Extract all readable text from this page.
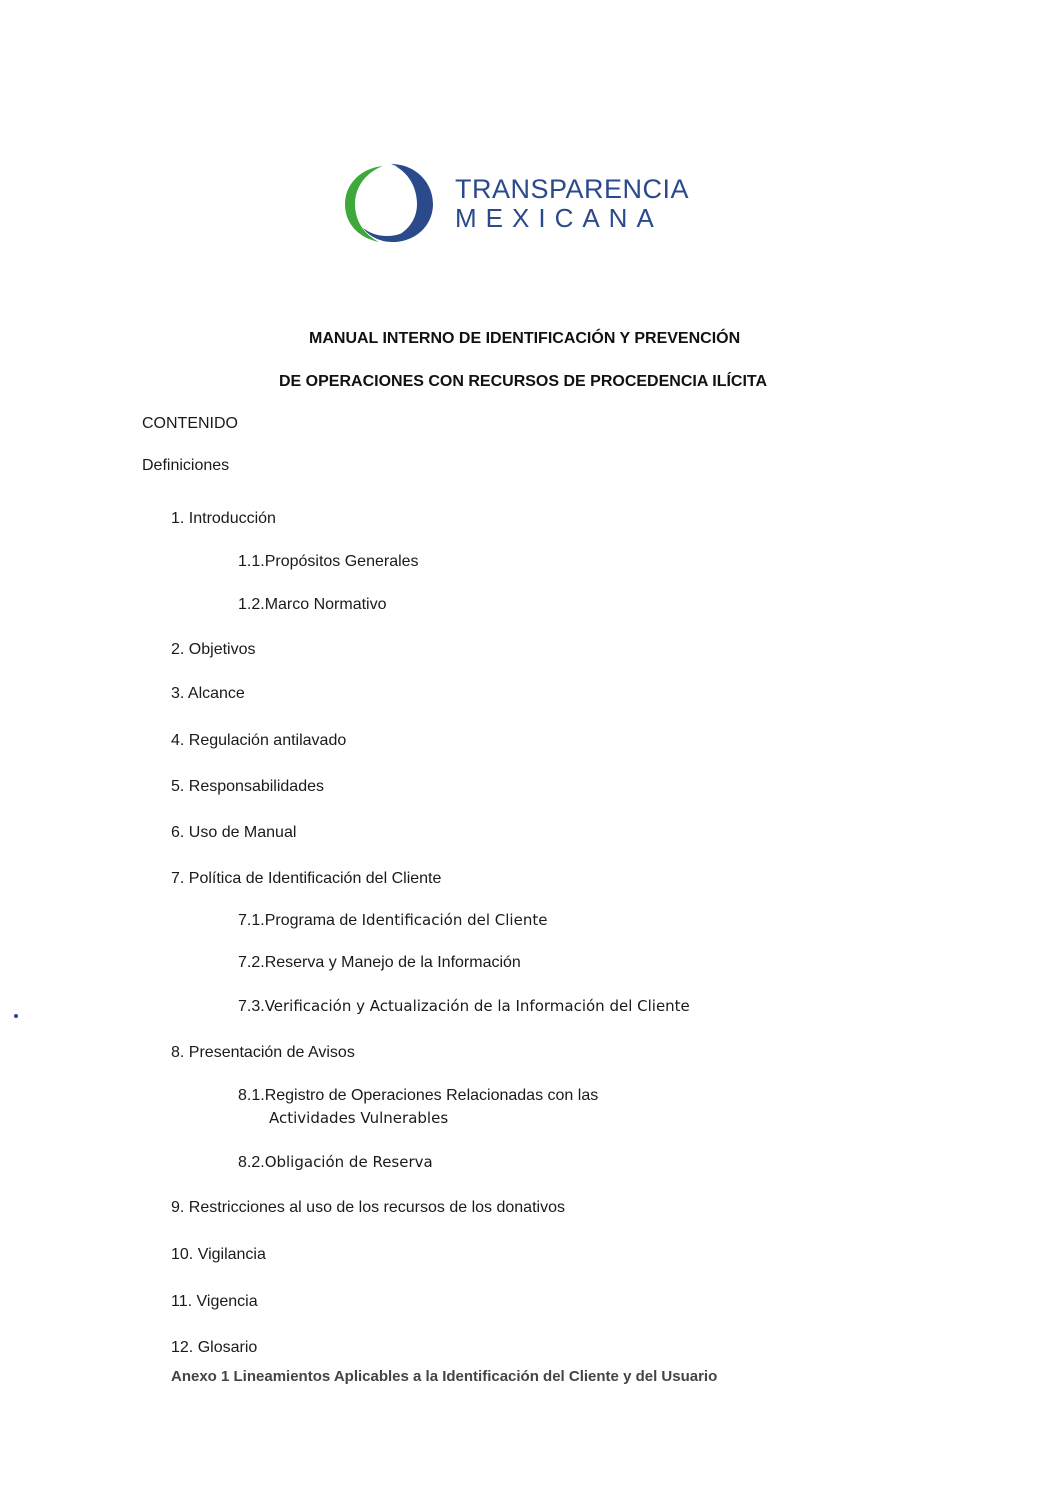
TRANSPARENCIA
MEXICANA
MANUAL INTERNO DE IDENTIFICACIÓN Y PREVENCIÓN
DE OPERACIONES CON RECURSOS DE PROCEDENCIA ILÍCITA
CONTENIDO
Definiciones
1. Introducción
1.1.Propósitos Generales
1.2.Marco Normativo
2. Objetivos
3. Alcance
4. Regulación antilavado
5. Responsabilidades
6. Uso de Manual
7. Política de Identificación del Cliente
7.1.Programa de Identificación del Cliente
7.2.Reserva y Manejo de la Información
7.3.Verificación y Actualización de la Información del Cliente
8. Presentación de Avisos
8.1.Registro de Operaciones Relacionadas con las
Actividades Vulnerables
8.2.Obligación de Reserva
9. Restricciones al uso de los recursos de los donativos
10. Vigilancia
11. Vigencia
12. Glosario
Anexo 1 Lineamientos Aplicables a la Identificación del Cliente y del Usuario
